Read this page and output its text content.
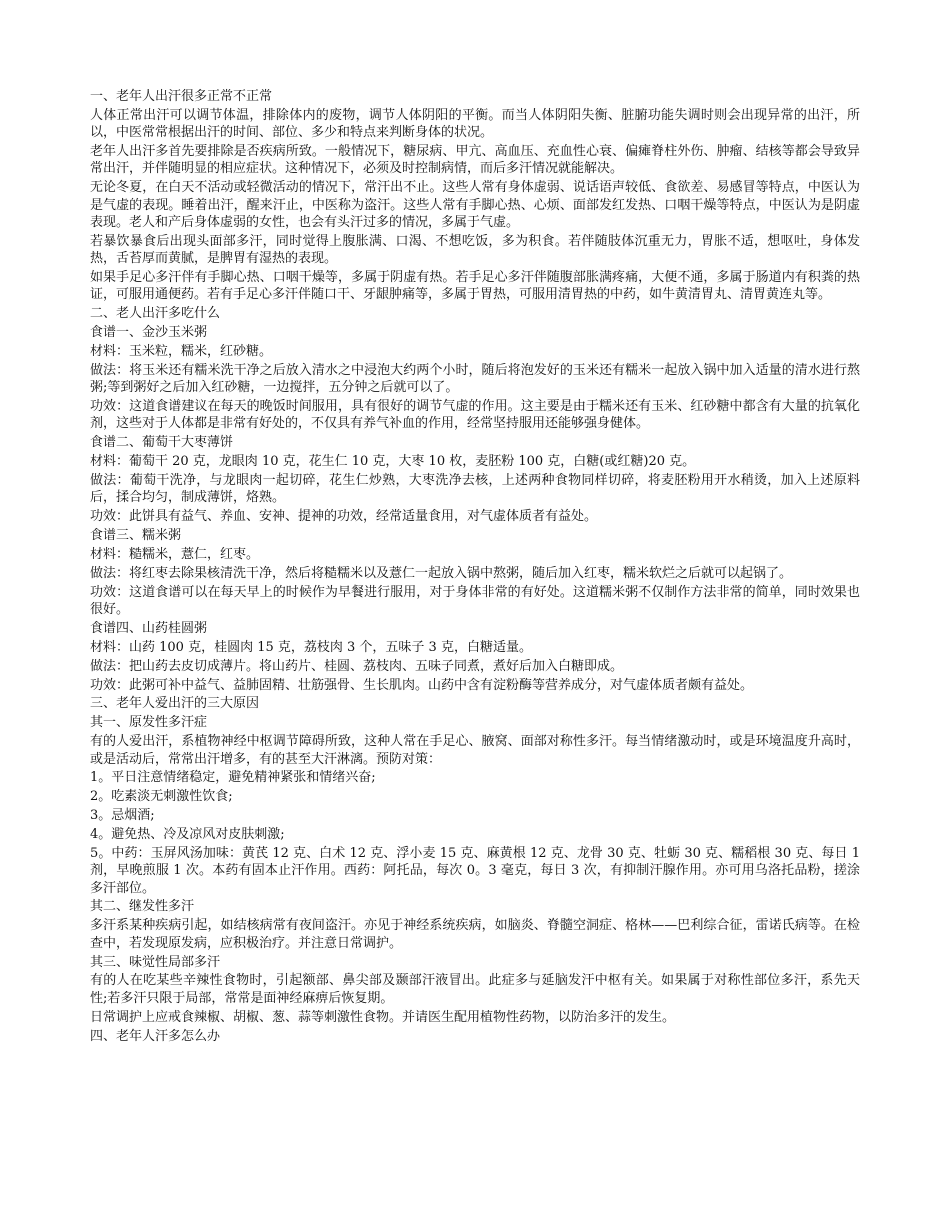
一、老年人出汗很多正常不正常

人体正常出汗可以调节体温，排除体内的废物，调节人体阴阳的平衡。而当人体阴阳失衡、脏腑功能失调时则会出现异常的出汗，所以，中医常常根据出汗的时间、部位、多少和特点来判断身体的状况。

老年人出汗多首先要排除是否疾病所致。一般情况下，糖尿病、甲亢、高血压、充血性心衰、偏瘫脊柱外伤、肿瘤、结核等都会导致异常出汗，并伴随明显的相应症状。这种情况下，必须及时控制病情，而后多汗情况就能解决。

无论冬夏，在白天不活动或轻微活动的情况下，常汗出不止。这些人常有身体虚弱、说话语声较低、食欲差、易感冒等特点，中医认为是气虚的表现。睡着出汗，醒来汗止，中医称为盗汗。这些人常有手脚心热、心烦、面部发红发热、口咽干燥等特点，中医认为是阴虚表现。老人和产后身体虚弱的女性，也会有头汗过多的情况，多属于气虚。

若暴饮暴食后出现头面部多汗，同时觉得上腹胀满、口渴、不想吃饭，多为积食。若伴随肢体沉重无力，胃胀不适，想呕吐，身体发热，舌苔厚而黄腻，是脾胃有湿热的表现。

如果手足心多汗伴有手脚心热、口咽干燥等，多属于阴虚有热。若手足心多汗伴随腹部胀满疼痛，大便不通，多属于肠道内有积粪的热证，可服用通便药。若有手足心多汗伴随口干、牙龈肿痛等，多属于胃热，可服用清胃热的中药，如牛黄清胃丸、清胃黄连丸等。

二、老人出汗多吃什么

食谱一、金沙玉米粥

材料：玉米粒，糯米，红砂糖。

做法：将玉米还有糯米洗干净之后放入清水之中浸泡大约两个小时，随后将泡发好的玉米还有糯米一起放入锅中加入适量的清水进行熬粥;等到粥好之后加入红砂糖，一边搅拌，五分钟之后就可以了。

功效：这道食谱建议在每天的晚饭时间服用，具有很好的调节气虚的作用。这主要是由于糯米还有玉米、红砂糖中都含有大量的抗氧化剂，这些对于人体都是非常有好处的，不仅具有养气补血的作用，经常坚持服用还能够强身健体。

食谱二、葡萄干大枣薄饼

材料：葡萄干 20 克，龙眼肉 10 克，花生仁 10 克，大枣 10 枚，麦胚粉 100 克，白糖(或红糖)20 克。

做法：葡萄干洗净，与龙眼肉一起切碎，花生仁炒熟，大枣洗净去核，上述两种食物同样切碎，将麦胚粉用开水稍烫，加入上述原料后，揉合均匀，制成薄饼，烙熟。

功效：此饼具有益气、养血、安神、提神的功效，经常适量食用，对气虚体质者有益处。

食谱三、糯米粥

材料：糙糯米，薏仁，红枣。

做法：将红枣去除果核清洗干净，然后将糙糯米以及薏仁一起放入锅中熬粥，随后加入红枣，糯米软烂之后就可以起锅了。

功效：这道食谱可以在每天早上的时候作为早餐进行服用，对于身体非常的有好处。这道糯米粥不仅制作方法非常的简单，同时效果也很好。

食谱四、山药桂圆粥

材料：山药 100 克，桂圆肉 15 克，荔枝肉 3 个，五味子 3 克，白糖适量。

做法：把山药去皮切成薄片。将山药片、桂圆、荔枝肉、五味子同煮，煮好后加入白糖即成。

功效：此粥可补中益气、益肺固精、壮筋强骨、生长肌肉。山药中含有淀粉酶等营养成分，对气虚体质者颇有益处。

三、老年人爱出汗的三大原因

其一、原发性多汗症

有的人爱出汗，系植物神经中枢调节障碍所致，这种人常在手足心、腋窝、面部对称性多汗。每当情绪激动时，或是环境温度升高时，或是活动后，常常出汗增多，有的甚至大汗淋漓。预防对策：

1。平日注意情绪稳定，避免精神紧张和情绪兴奋;

2。吃素淡无刺激性饮食;

3。忌烟酒;

4。避免热、冷及凉风对皮肤刺激;

5。中药：玉屏风汤加味：黄芪 12 克、白术 12 克、浮小麦 15 克、麻黄根 12 克、龙骨 30 克、牡蛎 30 克、糯稻根 30 克、每日 1 剂，早晚煎服 1 次。本药有固本止汗作用。西药：阿托品，每次 0。3 毫克，每日 3 次，有抑制汗腺作用。亦可用乌洛托品粉，搓涂多汗部位。

其二、继发性多汗

多汗系某种疾病引起，如结核病常有夜间盗汗。亦见于神经系统疾病，如脑炎、脊髓空洞症、格林——巴利综合征，雷诺氏病等。在检查中，若发现原发病，应积极治疗。并注意日常调护。

其三、味觉性局部多汗

有的人在吃某些辛辣性食物时，引起额部、鼻尖部及颞部汗液冒出。此症多与延脑发汗中枢有关。如果属于对称性部位多汗，系先天性;若多汗只限于局部，常常是面神经麻痹后恢复期。

日常调护上应戒食辣椒、胡椒、葱、蒜等刺激性食物。并请医生配用植物性药物，以防治多汗的发生。

四、老年人汗多怎么办
